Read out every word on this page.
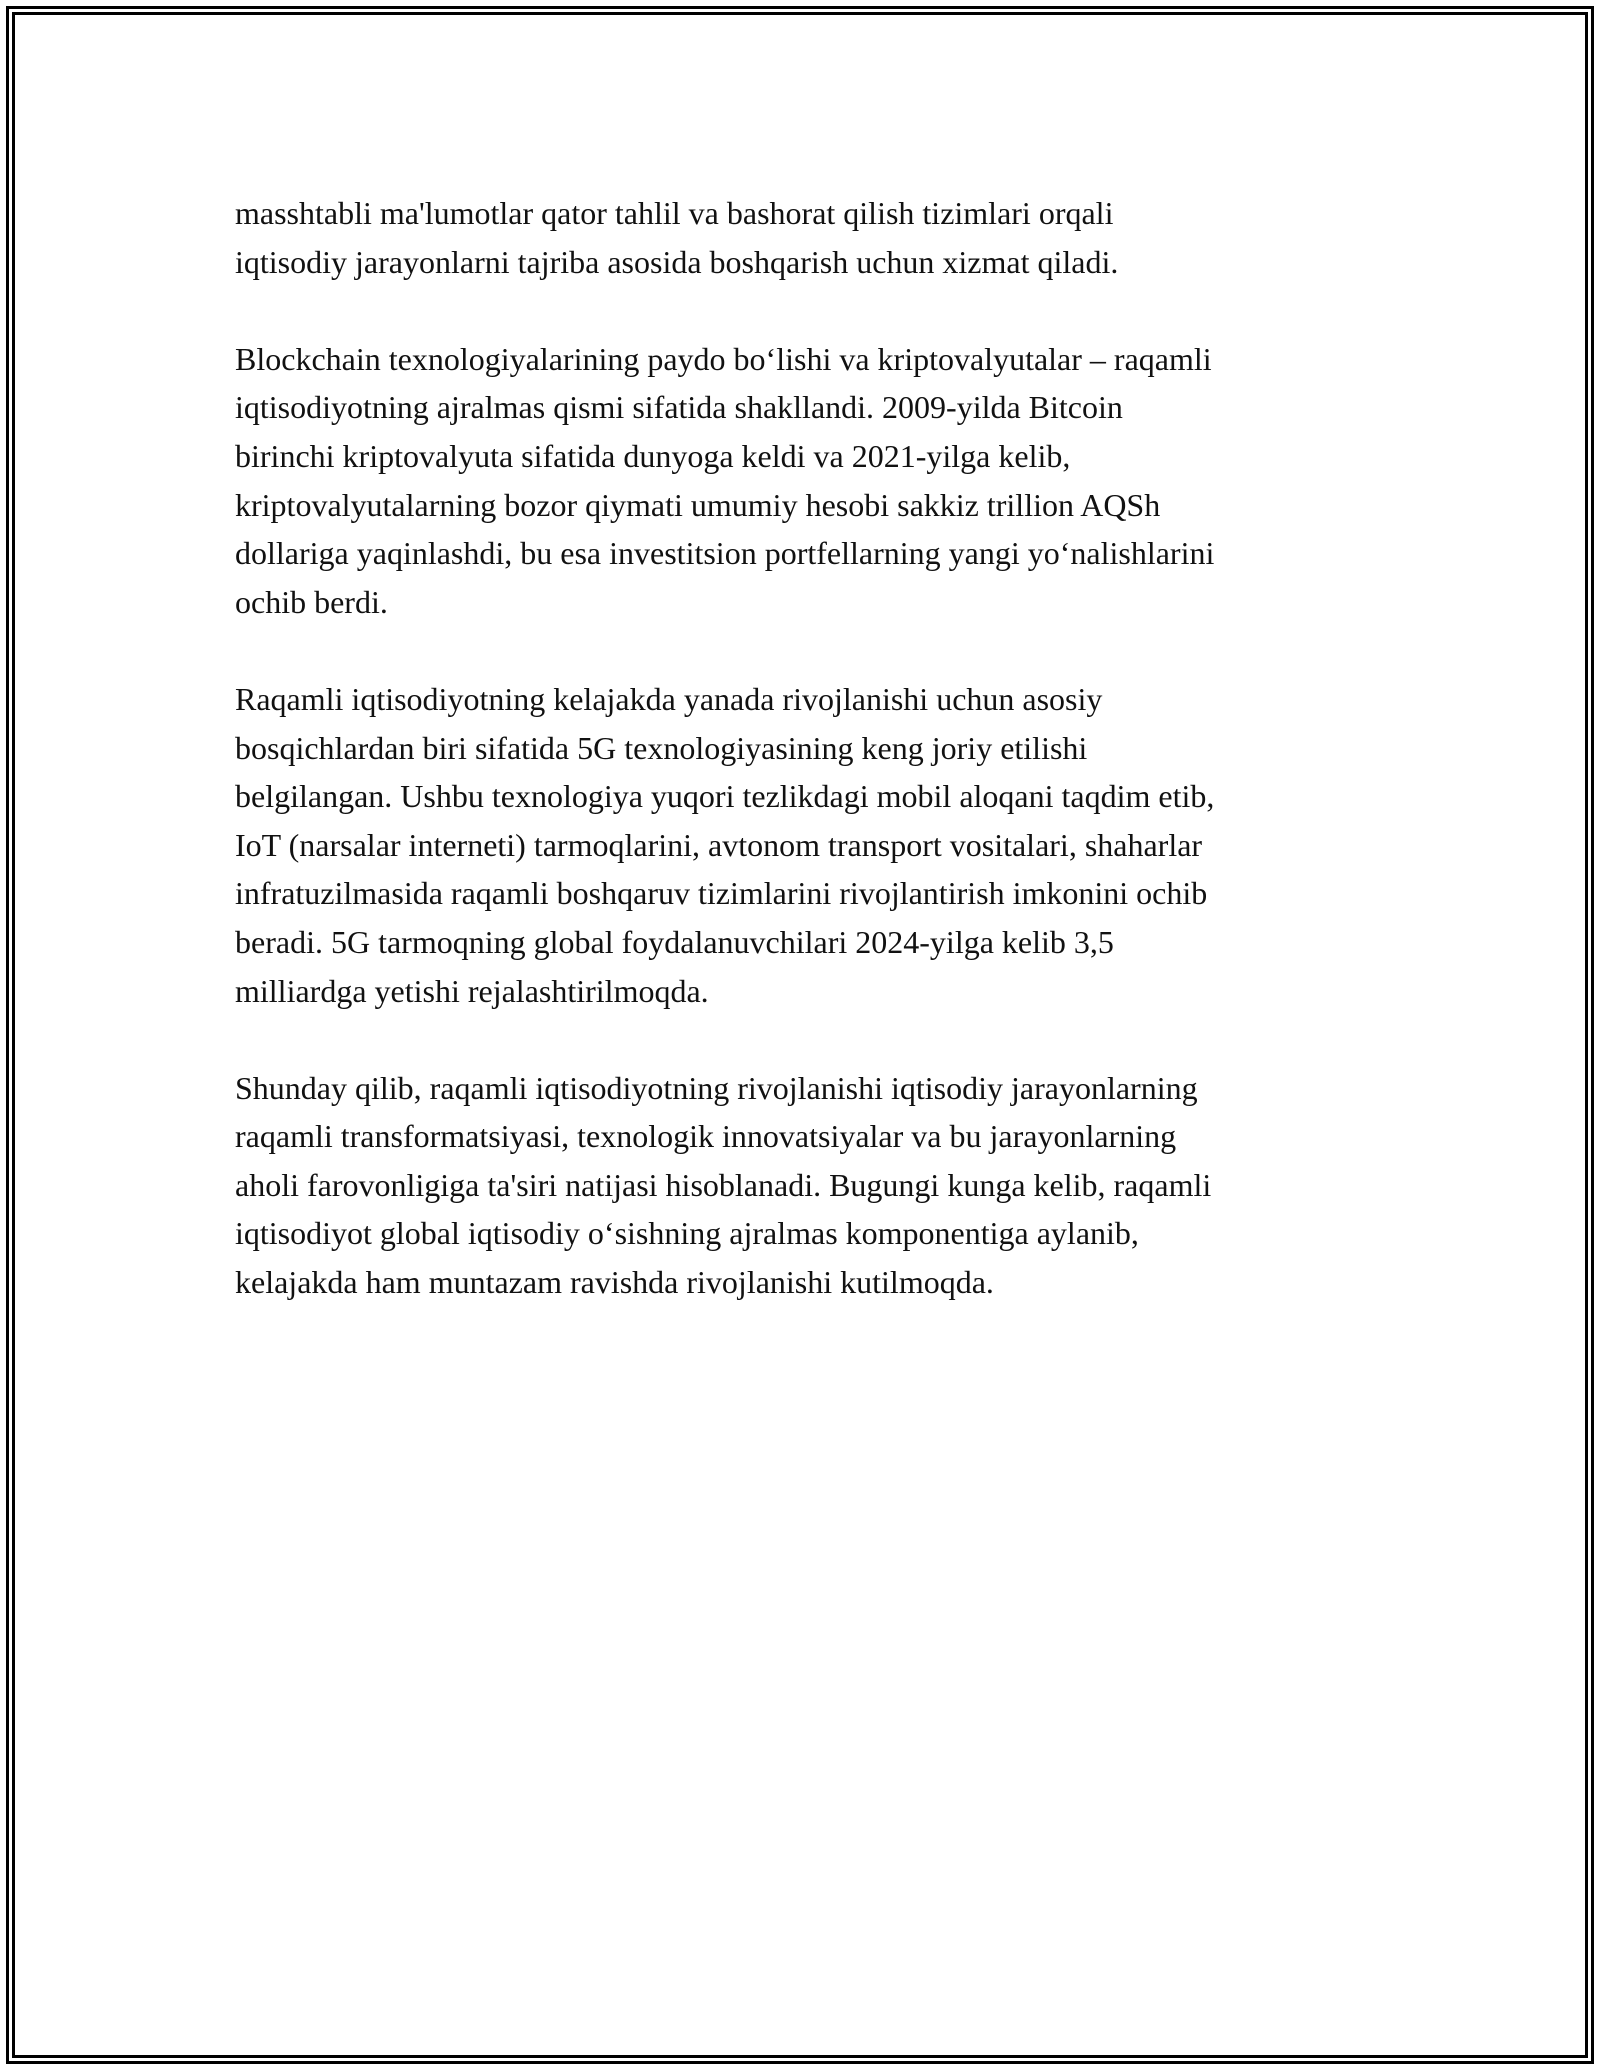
masshtabli ma'lumotlar qator tahlil va bashorat qilish tizimlari orqali
iqtisodiy jarayonlarni tajriba asosida boshqarish uchun xizmat qiladi.

Blockchain texnologiyalarining paydo bo‘lishi va kriptovalyutalar – raqamli
iqtisodiyotning ajralmas qismi sifatida shakllandi. 2009-yilda Bitcoin
birinchi kriptovalyuta sifatida dunyoga keldi va 2021-yilga kelib,
kriptovalyutalarning bozor qiymati umumiy hesobi sakkiz trillion AQSh
dollariga yaqinlashdi, bu esa investitsion portfellarning yangi yo‘nalishlarini
ochib berdi.

Raqamli iqtisodiyotning kelajakda yanada rivojlanishi uchun asosiy
bosqichlardan biri sifatida 5G texnologiyasining keng joriy etilishi
belgilangan. Ushbu texnologiya yuqori tezlikdagi mobil aloqani taqdim etib,
IoT (narsalar interneti) tarmoqlarini, avtonom transport vositalari, shaharlar
infratuzilmasida raqamli boshqaruv tizimlarini rivojlantirish imkonini ochib
beradi. 5G tarmoqning global foydalanuvchilari 2024-yilga kelib 3,5
milliardga yetishi rejalashtirilmoqda.

Shunday qilib, raqamli iqtisodiyotning rivojlanishi iqtisodiy jarayonlarning
raqamli transformatsiyasi, texnologik innovatsiyalar va bu jarayonlarning
aholi farovonligiga ta'siri natijasi hisoblanadi. Bugungi kunga kelib, raqamli
iqtisodiyot global iqtisodiy o‘sishning ajralmas komponentiga aylanib,
kelajakda ham muntazam ravishda rivojlanishi kutilmoqda.
